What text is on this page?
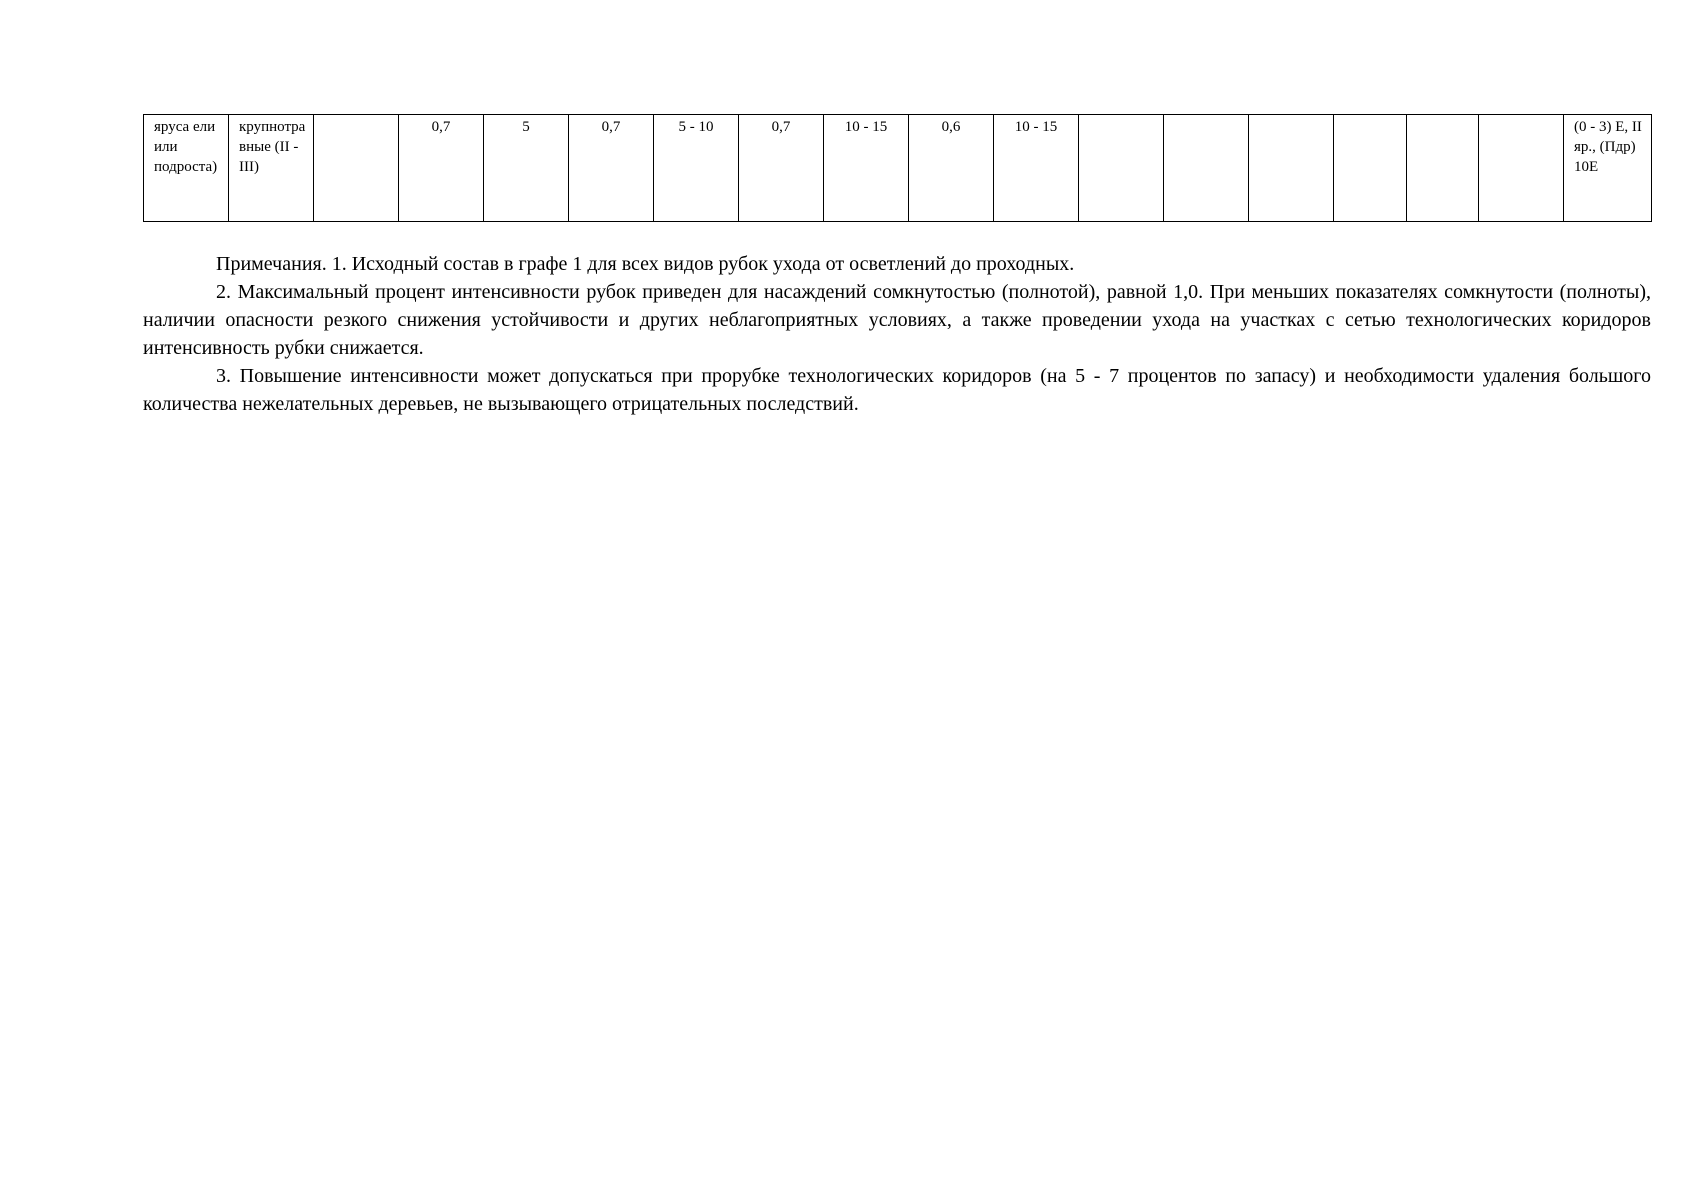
яруса ели или подроста)	крупнотравные (II - III)		0,7	5	0,7	5 - 10	0,7	10 - 15	0,6	10 - 15							(0 - 3) Е, II яр., (Пдр) 10Е

Примечания. 1. Исходный состав в графе 1 для всех видов рубок ухода от осветлений до проходных.

2. Максимальный процент интенсивности рубок приведен для насаждений сомкнутостью (полнотой), равной 1,0. При меньших показателях сомкнутости (полноты), наличии опасности резкого снижения устойчивости и других неблагоприятных условиях, а также проведении ухода на участках с сетью технологических коридоров интенсивность рубки снижается.

3. Повышение интенсивности может допускаться при прорубке технологических коридоров (на 5 - 7 процентов по запасу) и необходимости удаления большого количества нежелательных деревьев, не вызывающего отрицательных последствий.
